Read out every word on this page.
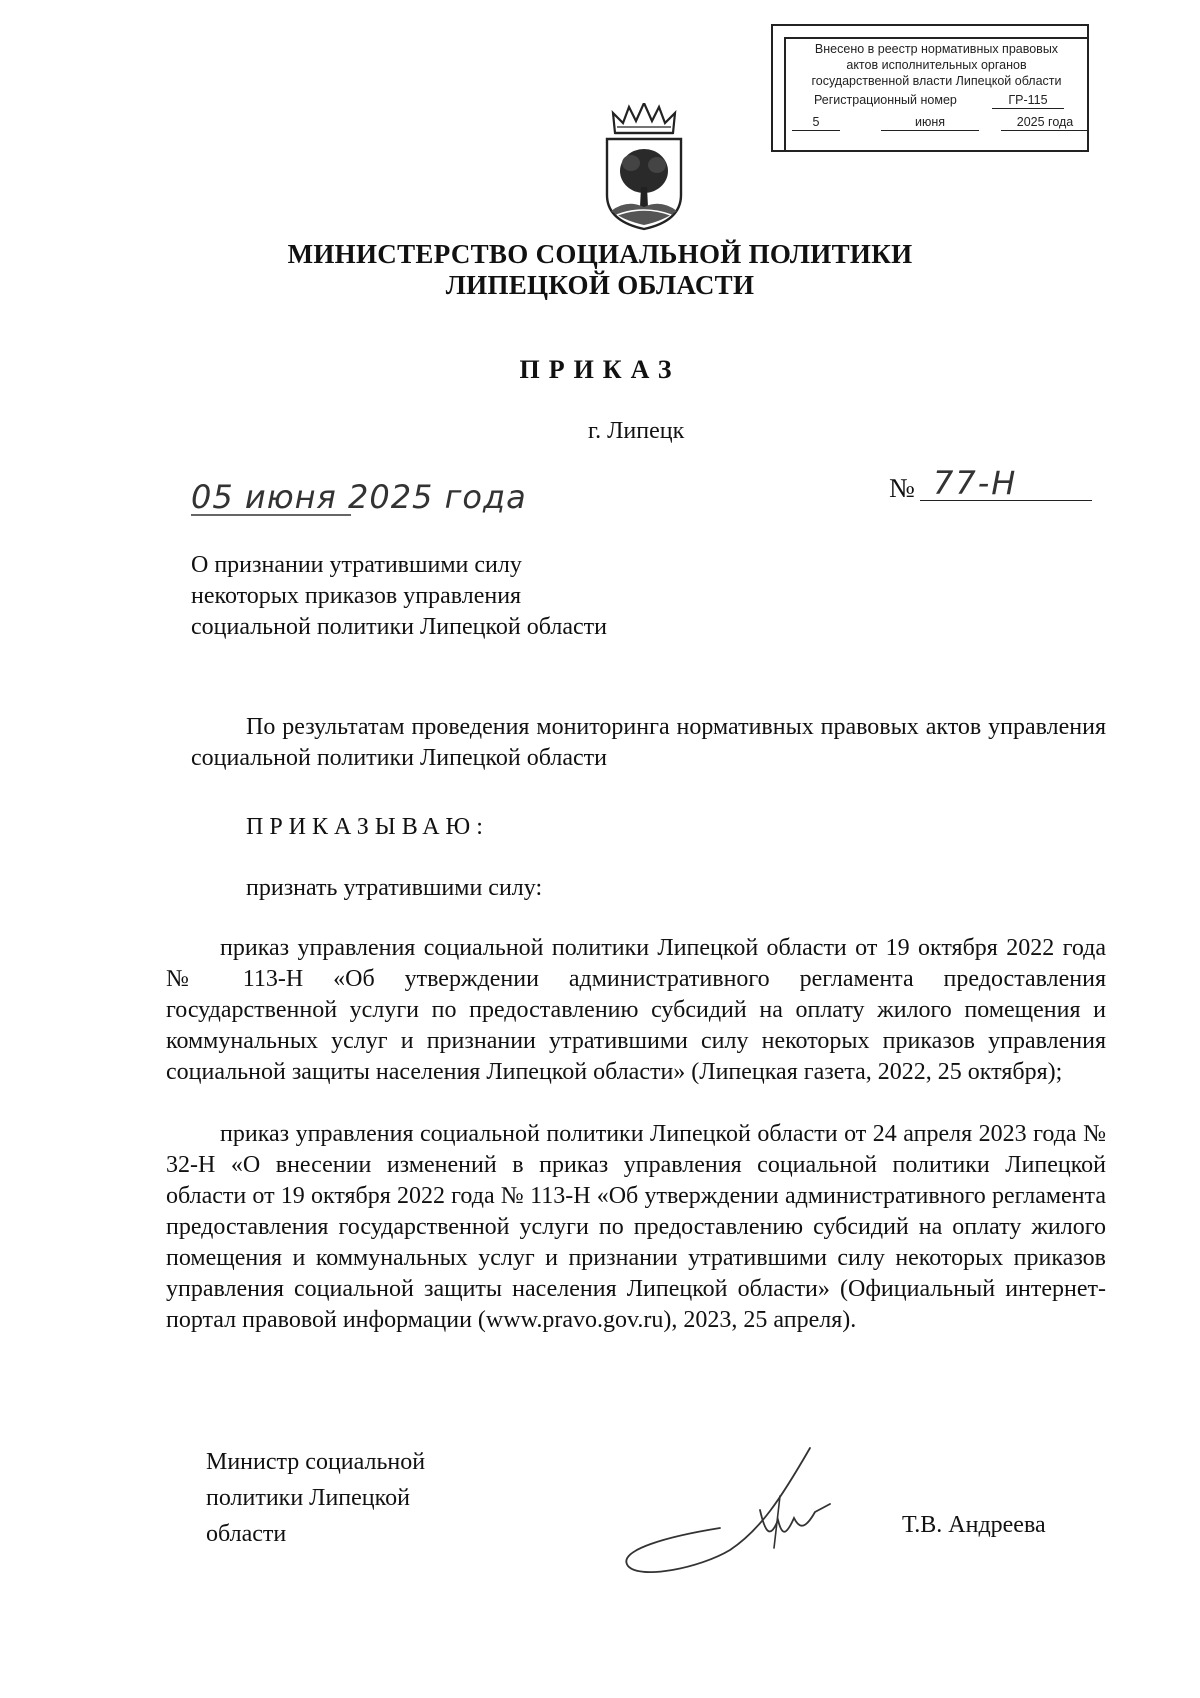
Внесено в реестр нормативных правовых
актов исполнительных органов
государственной власти Липецкой области
Регистрационный номер	ГР-115
5	июня	2025 года
МИНИСТЕРСТВО СОЦИАЛЬНОЙ ПОЛИТИКИ
ЛИПЕЦКОЙ ОБЛАСТИ
ПРИКАЗ
г. Липецк
05 июня 2025 года	№ 77-Н
О признании утратившими силу
некоторых приказов управления
социальной политики Липецкой области
По результатам проведения мониторинга нормативных правовых актов управления социальной политики Липецкой области
ПРИКАЗЫВАЮ:
признать утратившими силу:
приказ управления социальной политики Липецкой области от 19 октября 2022 года № 113-Н «Об утверждении административного регламента предоставления государственной услуги по предоставлению субсидий на оплату жилого помещения и коммунальных услуг и признании утратившими силу некоторых приказов управления социальной защиты населения Липецкой области» (Липецкая газета, 2022, 25 октября);
приказ управления социальной политики Липецкой области от 24 апреля 2023 года № 32-Н «О внесении изменений в приказ управления социальной политики Липецкой области от 19 октября 2022 года № 113-Н «Об утверждении административного регламента предоставления государственной услуги по предоставлению субсидий на оплату жилого помещения и коммунальных услуг и признании утратившими силу некоторых приказов управления социальной защиты населения Липецкой области» (Официальный интернет-портал правовой информации (www.pravo.gov.ru), 2023, 25 апреля).
Министр социальной
политики Липецкой
области	Т.В. Андреева
